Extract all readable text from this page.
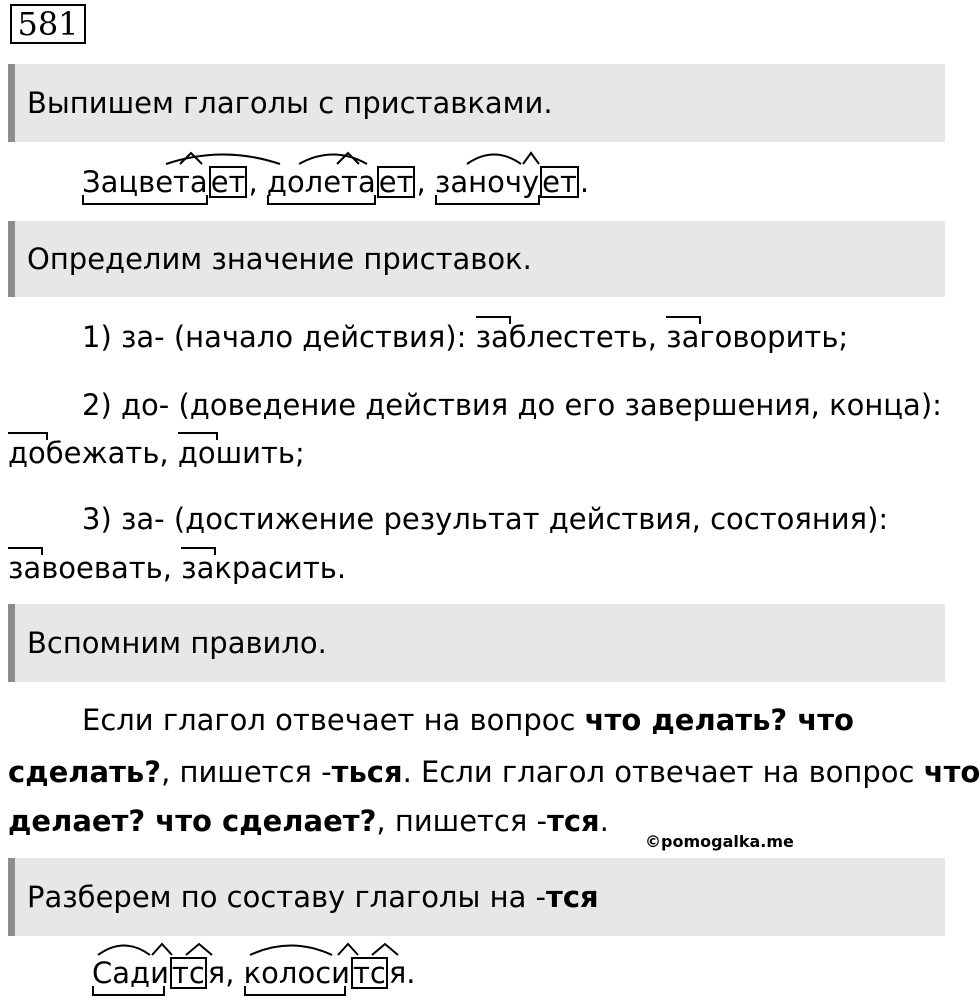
581
Выпишем глаголы с приставками.
Зацвета ет , долета ет , заночу ет .
Определим значение приставок.
1) за- (начало действия): заблестеть, заговорить;
2) до- (доведение действия до его завершения, конца):
добежать, дошить;
3) за- (достижение результат действия, состояния):
завоевать, закрасить.
Вспомним правило.
Если глагол отвечает на вопрос что делать? что
сделать?, пишется -ться. Если глагол отвечает на вопрос что
делает? что сделает?, пишется -тся.
©pomogalka.me
Разберем по составу глаголы на -тся
Сади тс я
, колоси тс я
.
